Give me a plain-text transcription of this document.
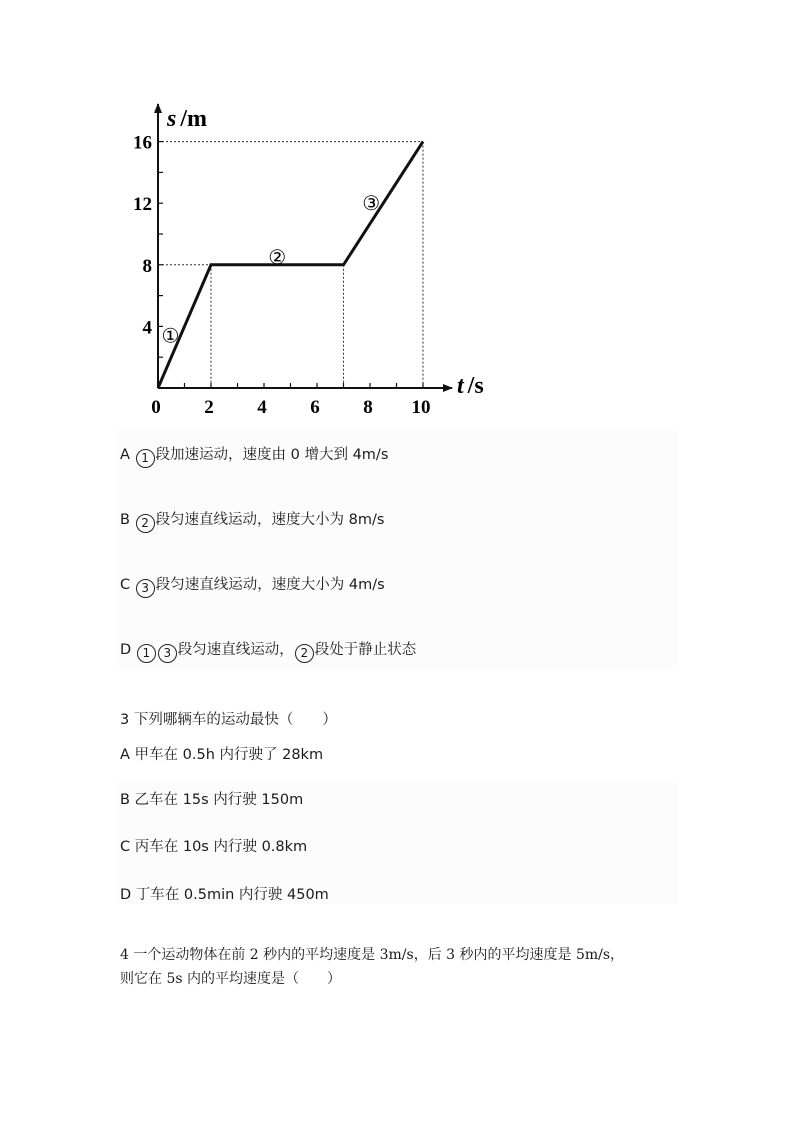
0 2 4 6 8 10
4
8
12
16
①
②
③
s /m
t /s
A 1 段加速运动，速度由 0 增大到 4m/s
B 2 段匀速直线运动，速度大小为 8m/s
C 3 段匀速直线运动，速度大小为 4m/s
D 1 3 段匀速直线运动， 2 段处于静止状态
3 下列哪辆车的运动最快（　　）
A 甲车在 0.5h 内行驶了 28km
B 乙车在 15s 内行驶 150m
C 丙车在 10s 内行驶 0.8km
D 丁车在 0.5min 内行驶 450m
4 一个运动物体在前 2 秒内的平均速度是 3m/s，后 3 秒内的平均速度是 5m/s，
则它在 5s 内的平均速度是（　　）
